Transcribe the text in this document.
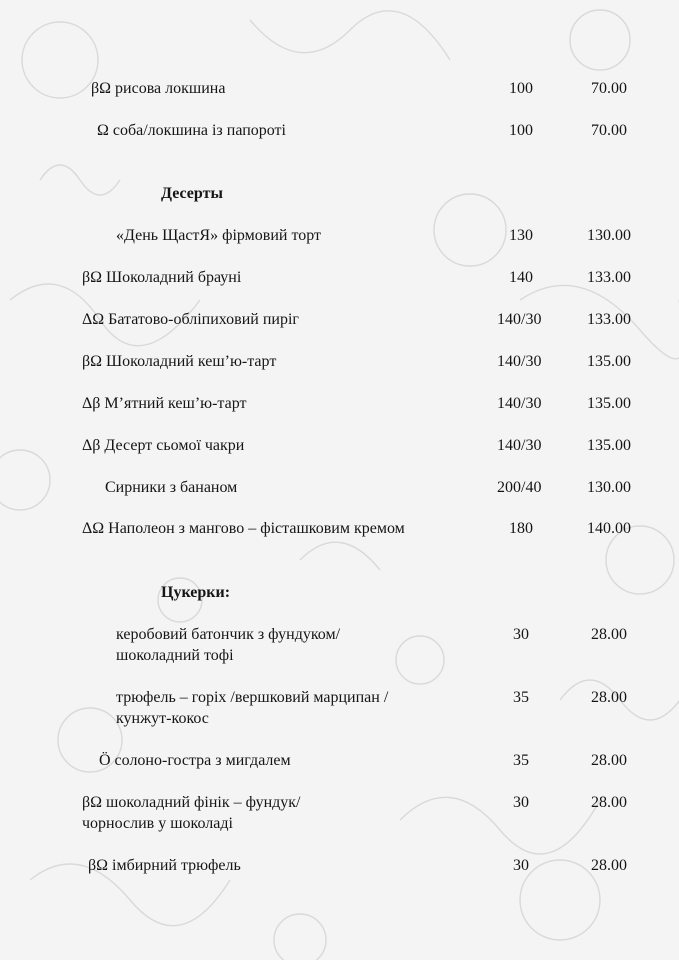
βΩ рисова локшина	100	70.00
Ω соба/локшина із папороті	100	70.00
Десерты
«День ЩастЯ» фірмовий торт	130	130.00
βΩ Шоколадний брауні	140	133.00
ΔΩ Бататово-обліпиховий пиріг	140/30	133.00
βΩ Шоколадний кеш’ю-тарт	140/30	135.00
Δβ М’ятний кеш’ю-тарт	140/30	135.00
Δβ Десерт сьомої чакри	140/30	135.00
Сирники з бананом	200/40	130.00
ΔΩ Наполеон з мангово – фісташковим кремом	180	140.00
Цукерки:
керобовий батончик з фундуком/
шоколадний тофі
30	28.00
трюфель – горіх /вершковий марципан /
кунжут-кокос
35	28.00
Ö солоно-гостра з мигдалем	35	28.00
βΩ шоколадний фінік – фундук/
чорнослив у шоколаді
30	28.00
βΩ імбирний трюфель	30	28.00
